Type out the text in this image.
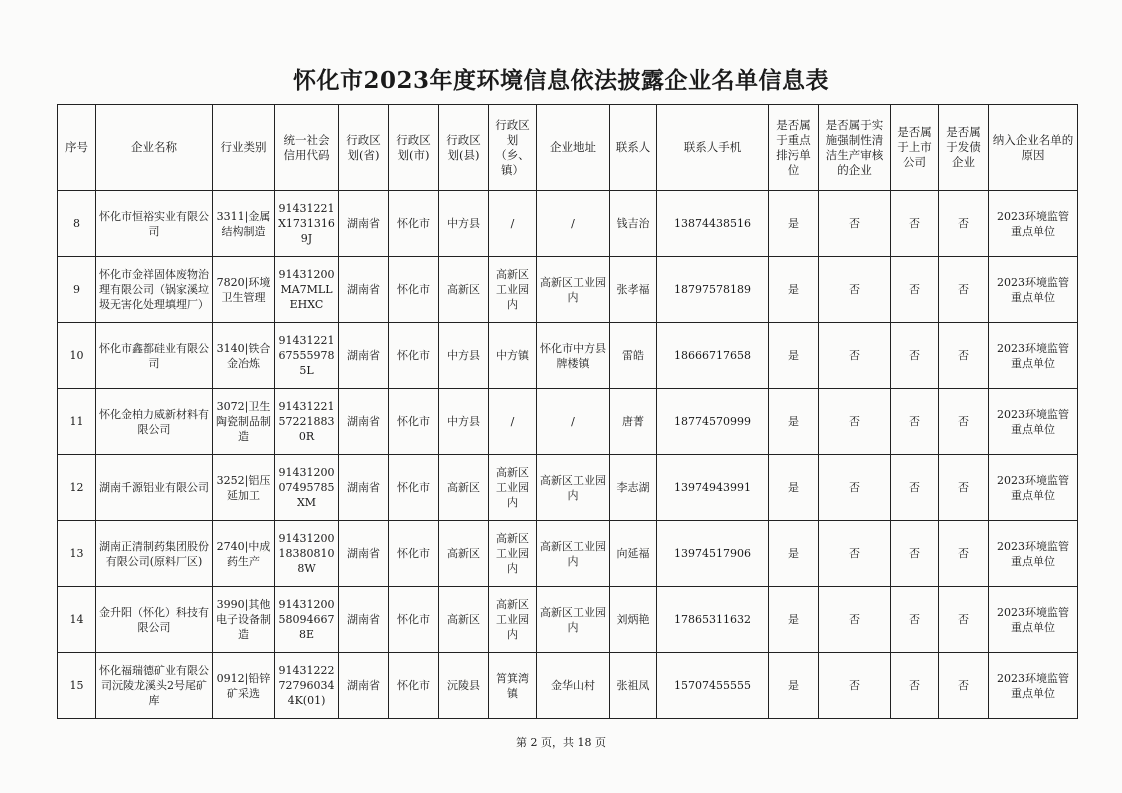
怀化市2023年度环境信息依法披露企业名单信息表
序号	企业名称	行业类别	统一社会信用代码	行政区划(省)	行政区划(市)	行政区划(县)	行政区划（乡、镇）	企业地址	联系人	联系人手机	是否属于重点排污单位	是否属于实施强制性清洁生产审核的企业	是否属于上市公司	是否属于发债企业	纳入企业名单的原因
8	怀化市恒裕实业有限公司	3311|金属结构制造	91431221X17313169J	湖南省	怀化市	中方县	/	/	钱吉治	13874438516	是	否	否	否	2023环境监管重点单位
9	怀化市金祥固体废物治理有限公司（锅家溪垃圾无害化处理填埋厂）	7820|环境卫生管理	91431200MA7MLLEHXC	湖南省	怀化市	高新区	高新区工业园内	高新区工业园内	张孝福	18797578189	是	否	否	否	2023环境监管重点单位
10	怀化市鑫都硅业有限公司	3140|铁合金冶炼	914312216755597​85L	湖南省	怀化市	中方县	中方镇	怀化市中方县牌楼镇	雷皓	18666717658	是	否	否	否	2023环境监管重点单位
11	怀化金柏力威新材料有限公司	3072|卫生陶瓷制品制造	91431221572218830R	湖南省	怀化市	中方县	/	/	唐菁	18774570999	是	否	否	否	2023环境监管重点单位
12	湖南千源铝业有限公司	3252|铝压延加工	91431200074957​85XM	湖南省	怀化市	高新区	高新区工业园内	高新区工业园内	李志湖	13974943991	是	否	否	否	2023环境监管重点单位
13	湖南正清制药集团股份有限公司(原料厂区)	2740|中成药生产	91431200183808108W	湖南省	怀化市	高新区	高新区工业园内	高新区工业园内	向延福	13974517906	是	否	否	否	2023环境监管重点单位
14	金升阳（怀化）科技有限公司	3990|其他电子设备制造	91431200580946678E	湖南省	怀化市	高新区	高新区工业园内	高新区工业园内	刘炳艳	17865311632	是	否	否	否	2023环境监管重点单位
15	怀化福瑞德矿业有限公司沅陵龙溪头2号尾矿库	0912|铅锌矿采选	914312227279603​44K(01)	湖南省	怀化市	沅陵县	筲箕湾镇	金华山村	张祖凤	15707455555	是	否	否	否	2023环境监管重点单位
第 2 页，共 18 页
